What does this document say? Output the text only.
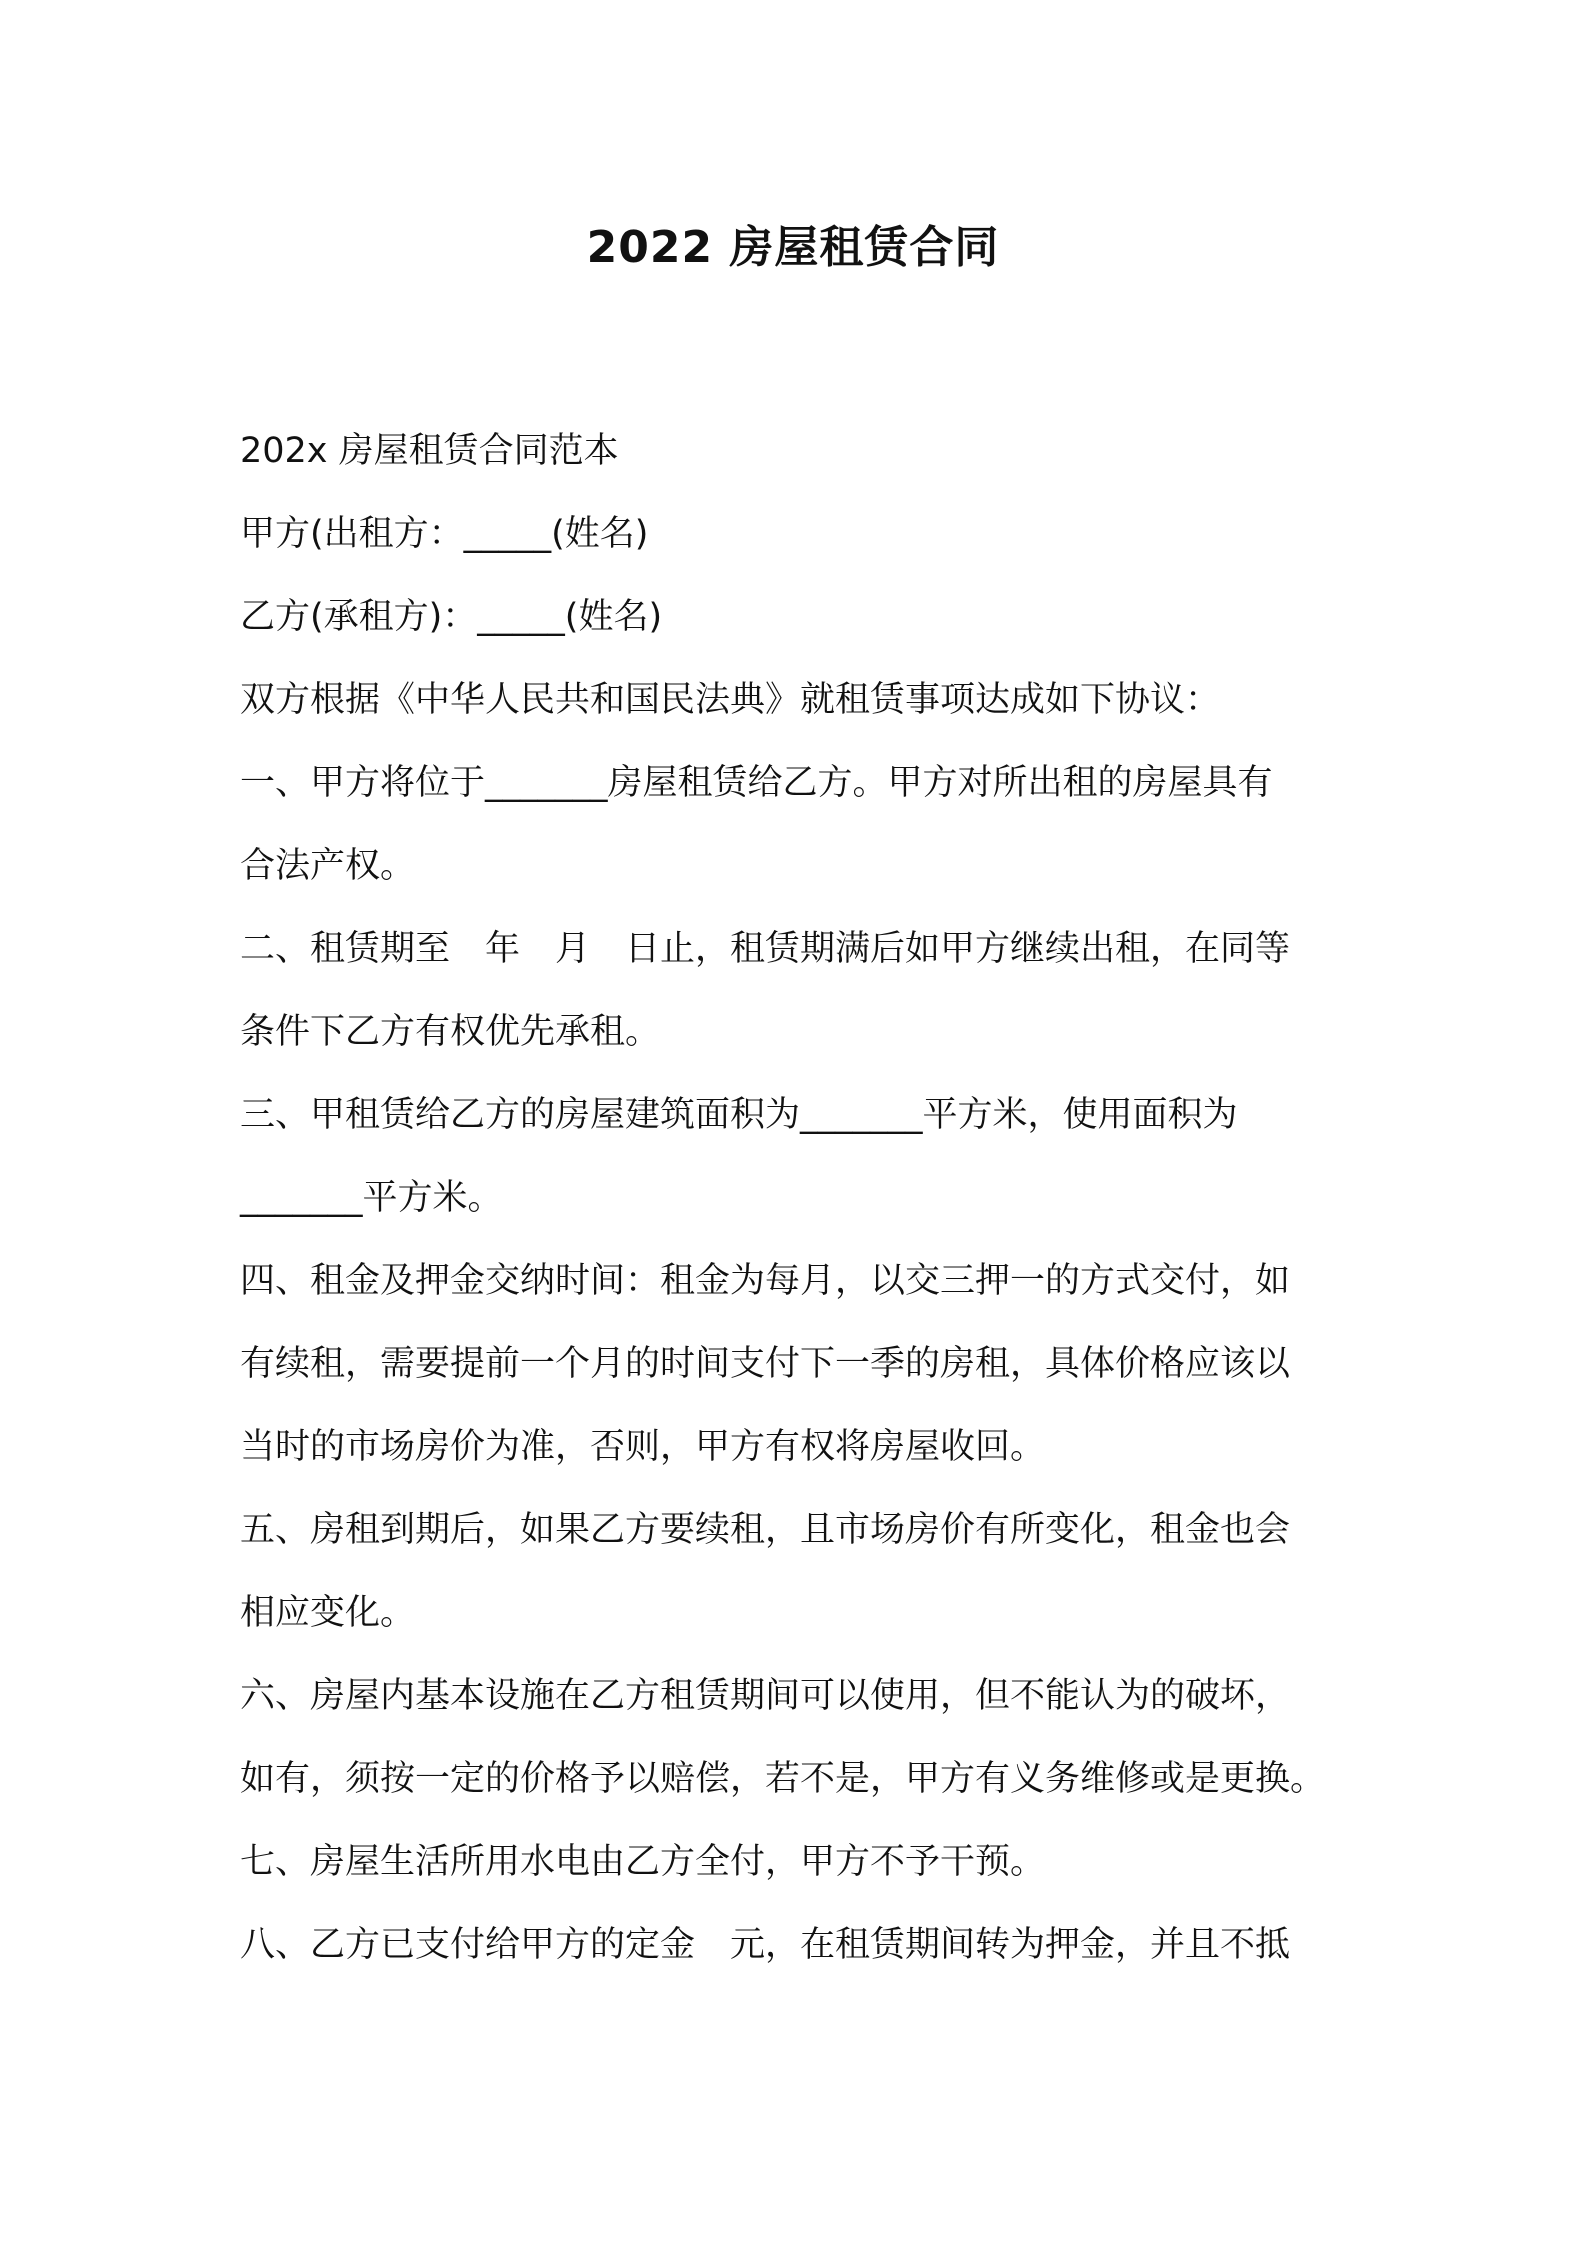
2022 房屋租赁合同
202x 房屋租赁合同范本
甲方(出租方：_____(姓名)
乙方(承租方)：_____(姓名)
双方根据《中华人民共和国民法典》就租赁事项达成如下协议：
一、甲方将位于_______房屋租赁给乙方。甲方对所出租的房屋具有
合法产权。
二、租赁期至　年　月　日止，租赁期满后如甲方继续出租，在同等
条件下乙方有权优先承租。
三、甲租赁给乙方的房屋建筑面积为_______平方米，使用面积为
_______平方米。
四、租金及押金交纳时间：租金为每月，以交三押一的方式交付，如
有续租，需要提前一个月的时间支付下一季的房租，具体价格应该以
当时的市场房价为准，否则，甲方有权将房屋收回。
五、房租到期后，如果乙方要续租，且市场房价有所变化，租金也会
相应变化。
六、房屋内基本设施在乙方租赁期间可以使用，但不能认为的破坏，
如有，须按一定的价格予以赔偿，若不是，甲方有义务维修或是更换。
七、房屋生活所用水电由乙方全付，甲方不予干预。
八、乙方已支付给甲方的定金　元，在租赁期间转为押金，并且不抵
